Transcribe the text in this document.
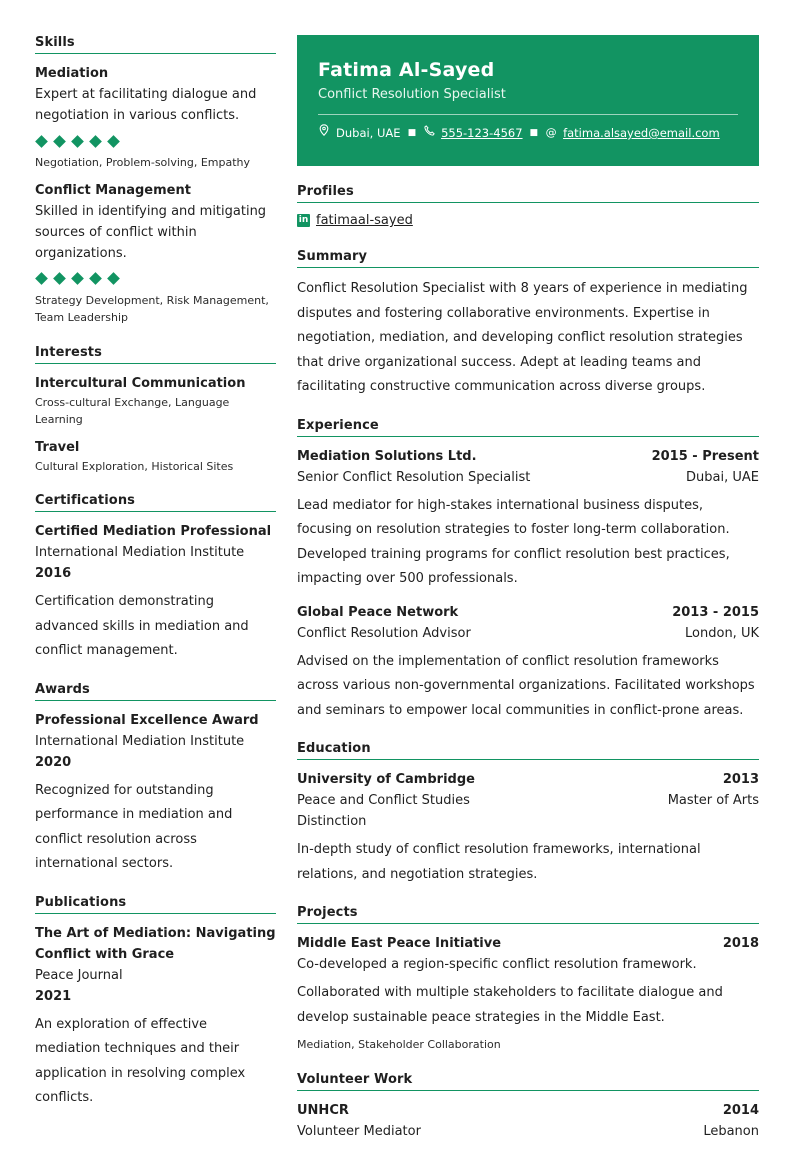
Skills
Mediation
Expert at facilitating dialogue and negotiation in various conflicts.
Negotiation, Problem-solving, Empathy
Conflict Management
Skilled in identifying and mitigating sources of conflict within organizations.
Strategy Development, Risk Management, Team Leadership
Interests
Intercultural Communication
Cross-cultural Exchange, Language Learning
Travel
Cultural Exploration, Historical Sites
Certifications
Certified Mediation Professional
International Mediation Institute
2016
Certification demonstrating advanced skills in mediation and conflict management.
Awards
Professional Excellence Award
International Mediation Institute
2020
Recognized for outstanding performance in mediation and conflict resolution across international sectors.
Publications
The Art of Mediation: Navigating Conflict with Grace
Peace Journal
2021
An exploration of effective mediation techniques and their application in resolving complex conflicts.
Fatima Al-Sayed
Conflict Resolution Specialist
Dubai, UAE ■ 555-123-4567 ■ @ fatima.alsayed@email.com
Profiles
in fatimaal-sayed
Summary
Conflict Resolution Specialist with 8 years of experience in mediating disputes and fostering collaborative environments. Expertise in negotiation, mediation, and developing conflict resolution strategies that drive organizational success. Adept at leading teams and facilitating constructive communication across diverse groups.
Experience
Mediation Solutions Ltd.	2015 - Present
Senior Conflict Resolution Specialist	Dubai, UAE
Lead mediator for high-stakes international business disputes, focusing on resolution strategies to foster long-term collaboration. Developed training programs for conflict resolution best practices, impacting over 500 professionals.
Global Peace Network	2013 - 2015
Conflict Resolution Advisor	London, UK
Advised on the implementation of conflict resolution frameworks across various non-governmental organizations. Facilitated workshops and seminars to empower local communities in conflict-prone areas.
Education
University of Cambridge	2013
Peace and Conflict Studies	Master of Arts
Distinction
In-depth study of conflict resolution frameworks, international relations, and negotiation strategies.
Projects
Middle East Peace Initiative	2018
Co-developed a region-specific conflict resolution framework.
Collaborated with multiple stakeholders to facilitate dialogue and develop sustainable peace strategies in the Middle East.
Mediation, Stakeholder Collaboration
Volunteer Work
UNHCR	2014
Volunteer Mediator	Lebanon
